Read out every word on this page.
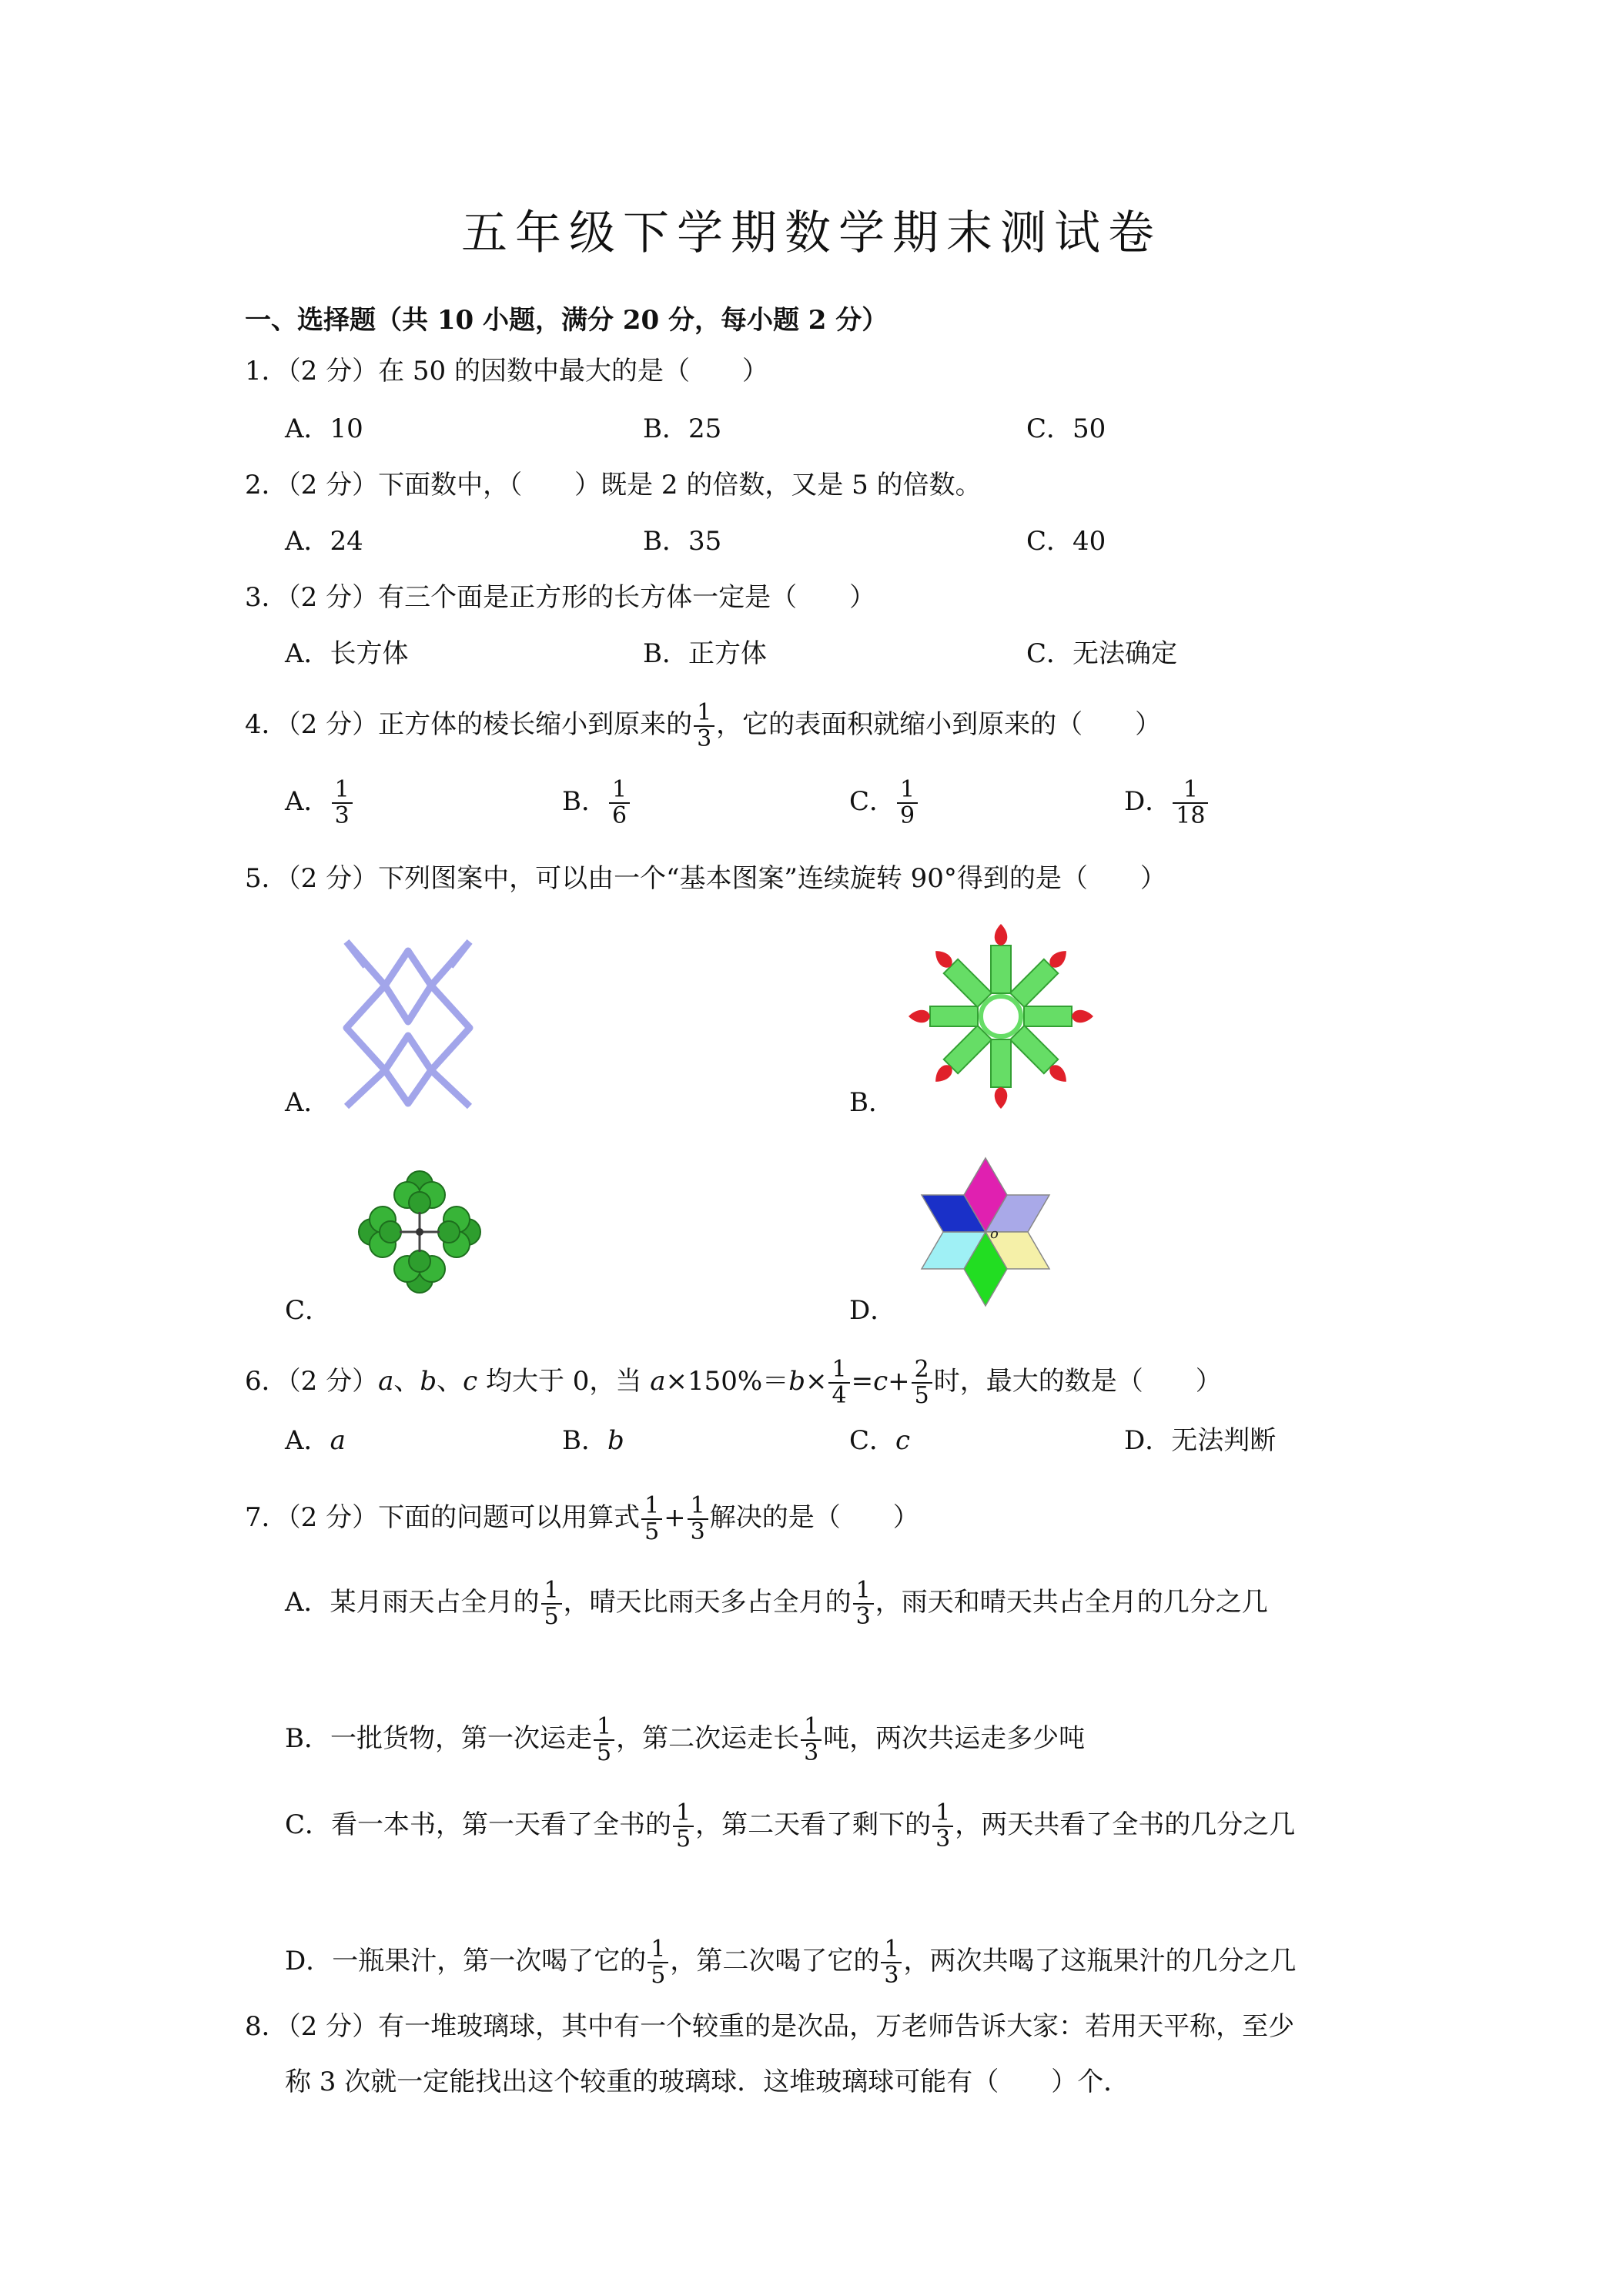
五年级下学期数学期末测试卷
一、选择题（共 10 小题，满分 20 分，每小题 2 分）
1．（2 分）在 50 的因数中最大的是（　　）
A．10	B．25	C．50
2．（2 分）下面数中，（　　）既是 2 的倍数，又是 5 的倍数。
A．24	B．35	C．40
3．（2 分）有三个面是正方形的长方体一定是（　　）
A．长方体	B．正方体	C．无法确定
4．（2 分）正方体的棱长缩小到原来的 $\frac{1}{3}$ ，它的表面积就缩小到原来的（　　）
A． $\frac{1}{3}$	B． $\frac{1}{6}$	C． $\frac{1}{9}$	D． $\frac{1}{18}$
5．（2 分）下列图案中，可以由一个“基本图案”连续旋转 90°得到的是（　　）
A．	B．
C．
o
D．
6．（2 分）a、b、c 均大于 0，当 $a\times 150\%=b\times \frac{1}{4} =c+ \frac{2}{5}$ 时，最大的数是（　　）
A．a	B．b	C．c	D．无法判断
7．（2 分）下面的问题可以用算式 $\frac{1}{5} + \frac{1}{3}$ 解决的是（　　）
A．某月雨天占全月的 $\frac{1}{5}$ ，晴天比雨天多占全月的 $\frac{1}{3}$ ，雨天和晴天共占全月的几分之几
B．一批货物，第一次运走 $\frac{1}{5}$ ，第二次运走长 $\frac{1}{3}$ 吨，两次共运走多少吨
C．看一本书，第一天看了全书的 $\frac{1}{5}$ ，第二天看了剩下的 $\frac{1}{3}$ ，两天共看了全书的几分之几
D．一瓶果汁，第一次喝了它的 $\frac{1}{5}$ ，第二次喝了它的 $\frac{1}{3}$ ，两次共喝了这瓶果汁的几分之几
8．（2 分）有一堆玻璃球，其中有一个较重的是次品，万老师告诉大家：若用天平称，至少
称 3 次就一定能找出这个较重的玻璃球．这堆玻璃球可能有（　　）个．
